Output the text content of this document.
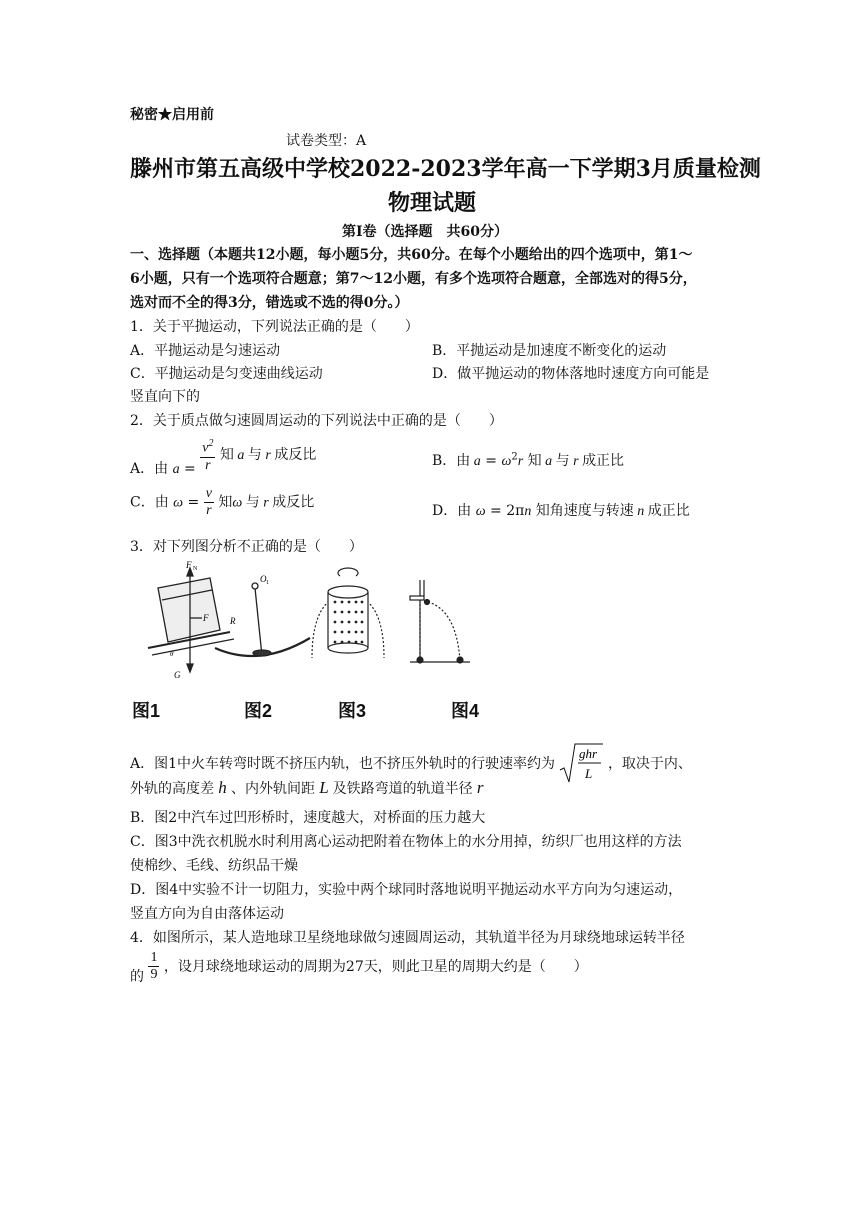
秘密★启用前
试卷类型：A
滕州市第五高级中学校2022-2023学年高一下学期3月质量检测
物理试题
第Ⅰ卷（选择题　共60分）
一、选择题（本题共12小题，每小题5分，共60分。在每个小题给出的四个选项中，第1～
6小题，只有一个选项符合题意；第7～12小题，有多个选项符合题意，全部选对的得5分，
选对而不全的得3分，错选或不选的得0分。）
1．关于平抛运动，下列说法正确的是（　　）
A．平抛运动是匀速运动	B．平抛运动是加速度不断变化的运动
C．平抛运动是匀变速曲线运动	D．做平抛运动的物体落地时速度方向可能是
竖直向下的
2．关于质点做匀速圆周运动的下列说法中正确的是（　　）
A．由 $a = \frac{v^2}{r}$ 知 a 与 r 成反比	B．由 $a = \omega^2r$ 知 a 与 r 成正比
C．由 $\omega = \frac{v}{r}$ 知ω 与 r 成反比
D．由 ω = 2πn 知角速度与转速 n 成正比
3．对下列图分析不正确的是（　　）
F N
F
G
θ
R
O 1
图1	图2	图3	图4
A．图1中火车转弯时既不挤压内轨，也不挤压外轨时的行驶速率约为
ghr
L
，取决于内、
外轨的高度差 h 、内外轨间距 L 及铁路弯道的轨道半径 r
B．图2中汽车过凹形桥时，速度越大，对桥面的压力越大
C．图3中洗衣机脱水时利用离心运动把附着在物体上的水分用掉，纺织厂也用这样的方法
使棉纱、毛线、纺织品干燥
D．图4中实验不计一切阻力，实验中两个球同时落地说明平抛运动水平方向为匀速运动，
竖直方向为自由落体运动
4．如图所示，某人造地球卫星绕地球做匀速圆周运动，其轨道半径为月球绕地球运转半径
的 $\frac{1}{9}$ ，设月球绕地球运动的周期为27天，则此卫星的周期大约是（　　）
